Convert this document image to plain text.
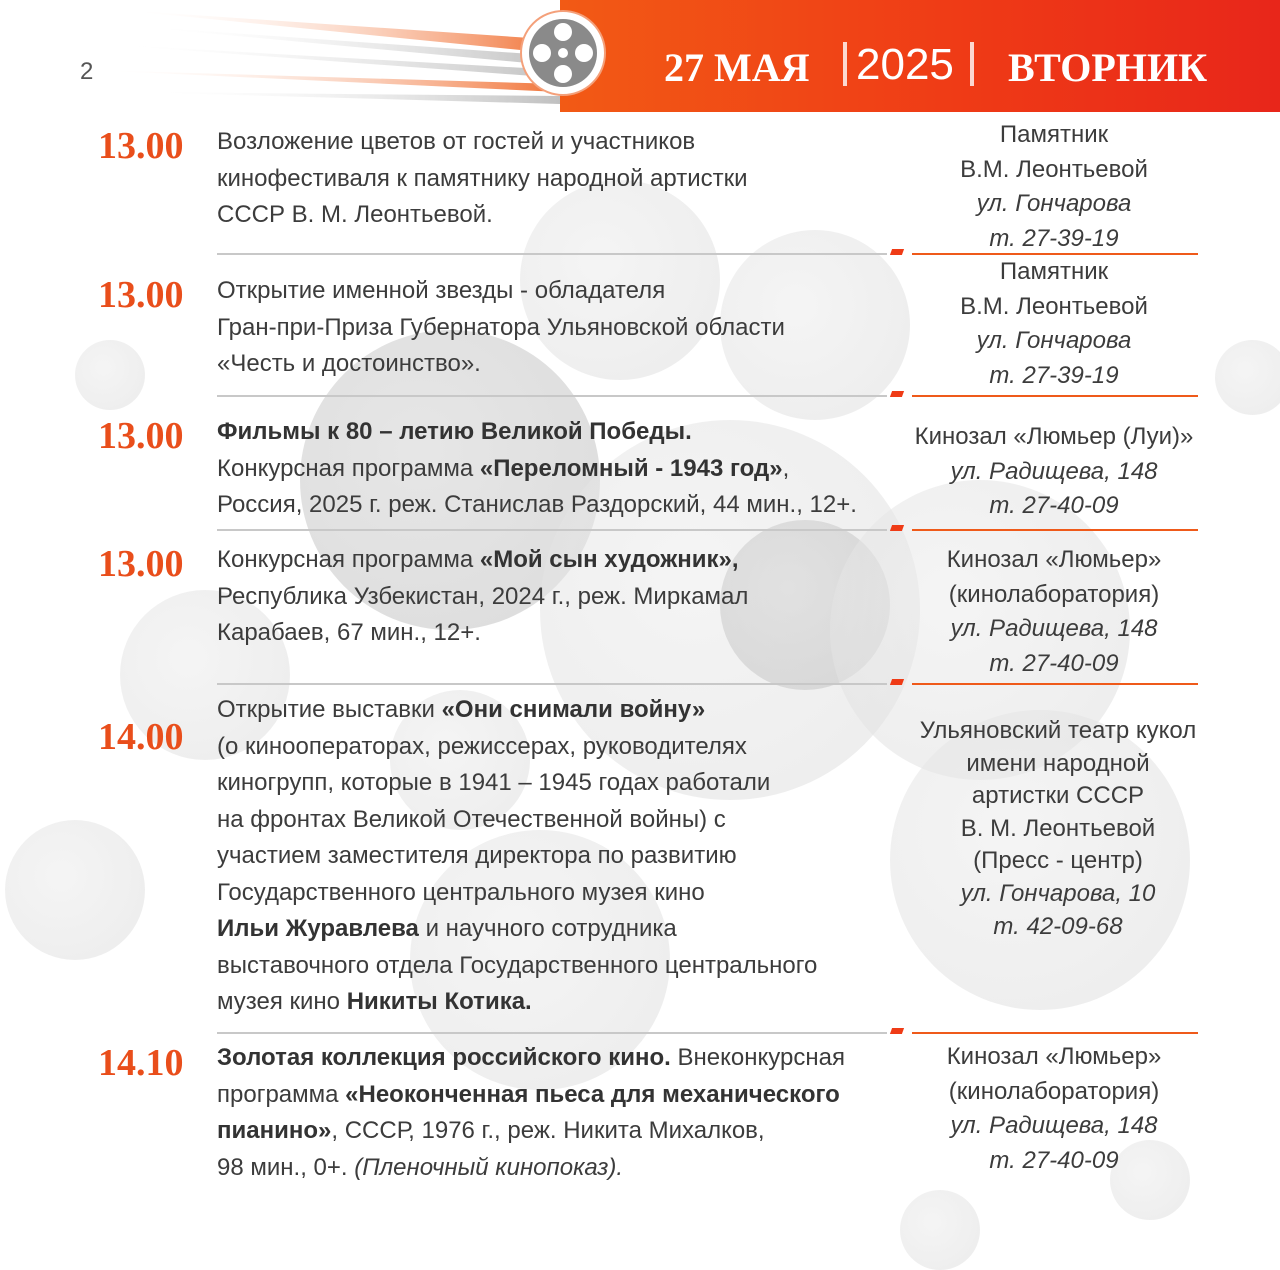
2	27 МАЯ 2025 ВТОРНИК
13.00 Возложение цветов от гостей и участников
кинофестиваля к памятнику народной артистки
СССР В. М. Леонтьевой.
Памятник
В.М. Леонтьевой
ул. Гончарова
т. 27-39-19
13.00 Открытие именной звезды - обладателя
Гран-при-Приза Губернатора Ульяновской области
«Честь и достоинство».
Памятник
В.М. Леонтьевой
ул. Гончарова
т. 27-39-19
13.00 Фильмы к 80 – летию Великой Победы.
Конкурсная программа «Переломный - 1943 год»,
Россия, 2025 г. реж. Станислав Раздорский, 44 мин., 12+.
Кинозал «Люмьер (Луи)»
ул. Радищева, 148
т. 27-40-09
13.00 Конкурсная программа «Мой сын художник»,
Республика Узбекистан, 2024 г., реж. Миркамал
Карабаев, 67 мин., 12+.
Кинозал «Люмьер»
(кинолаборатория)
ул. Радищева, 148
т. 27-40-09
14.00
Открытие выставки «Они снимали войну»
(о кинооператорах, режиссерах, руководителях
киногрупп, которые в 1941 – 1945 годах работали
на фронтах Великой Отечественной войны) с
участием заместителя директора по развитию
Государственного центрального музея кино
Ильи Журавлева и научного сотрудника
выставочного отдела Государственного центрального
музея кино Никиты Котика.
Ульяновский театр кукол
имени народной
артистки СССР
В. М. Леонтьевой
(Пресс - центр)
ул. Гончарова, 10
т. 42-09-68
14.10 Золотая коллекция российского кино. Внеконкурсная
программа «Неоконченная пьеса для механического
пианино», СССР, 1976 г., реж. Никита Михалков,
98 мин., 0+. (Пленочный кинопоказ).
Кинозал «Люмьер»
(кинолаборатория)
ул. Радищева, 148
т. 27-40-09
